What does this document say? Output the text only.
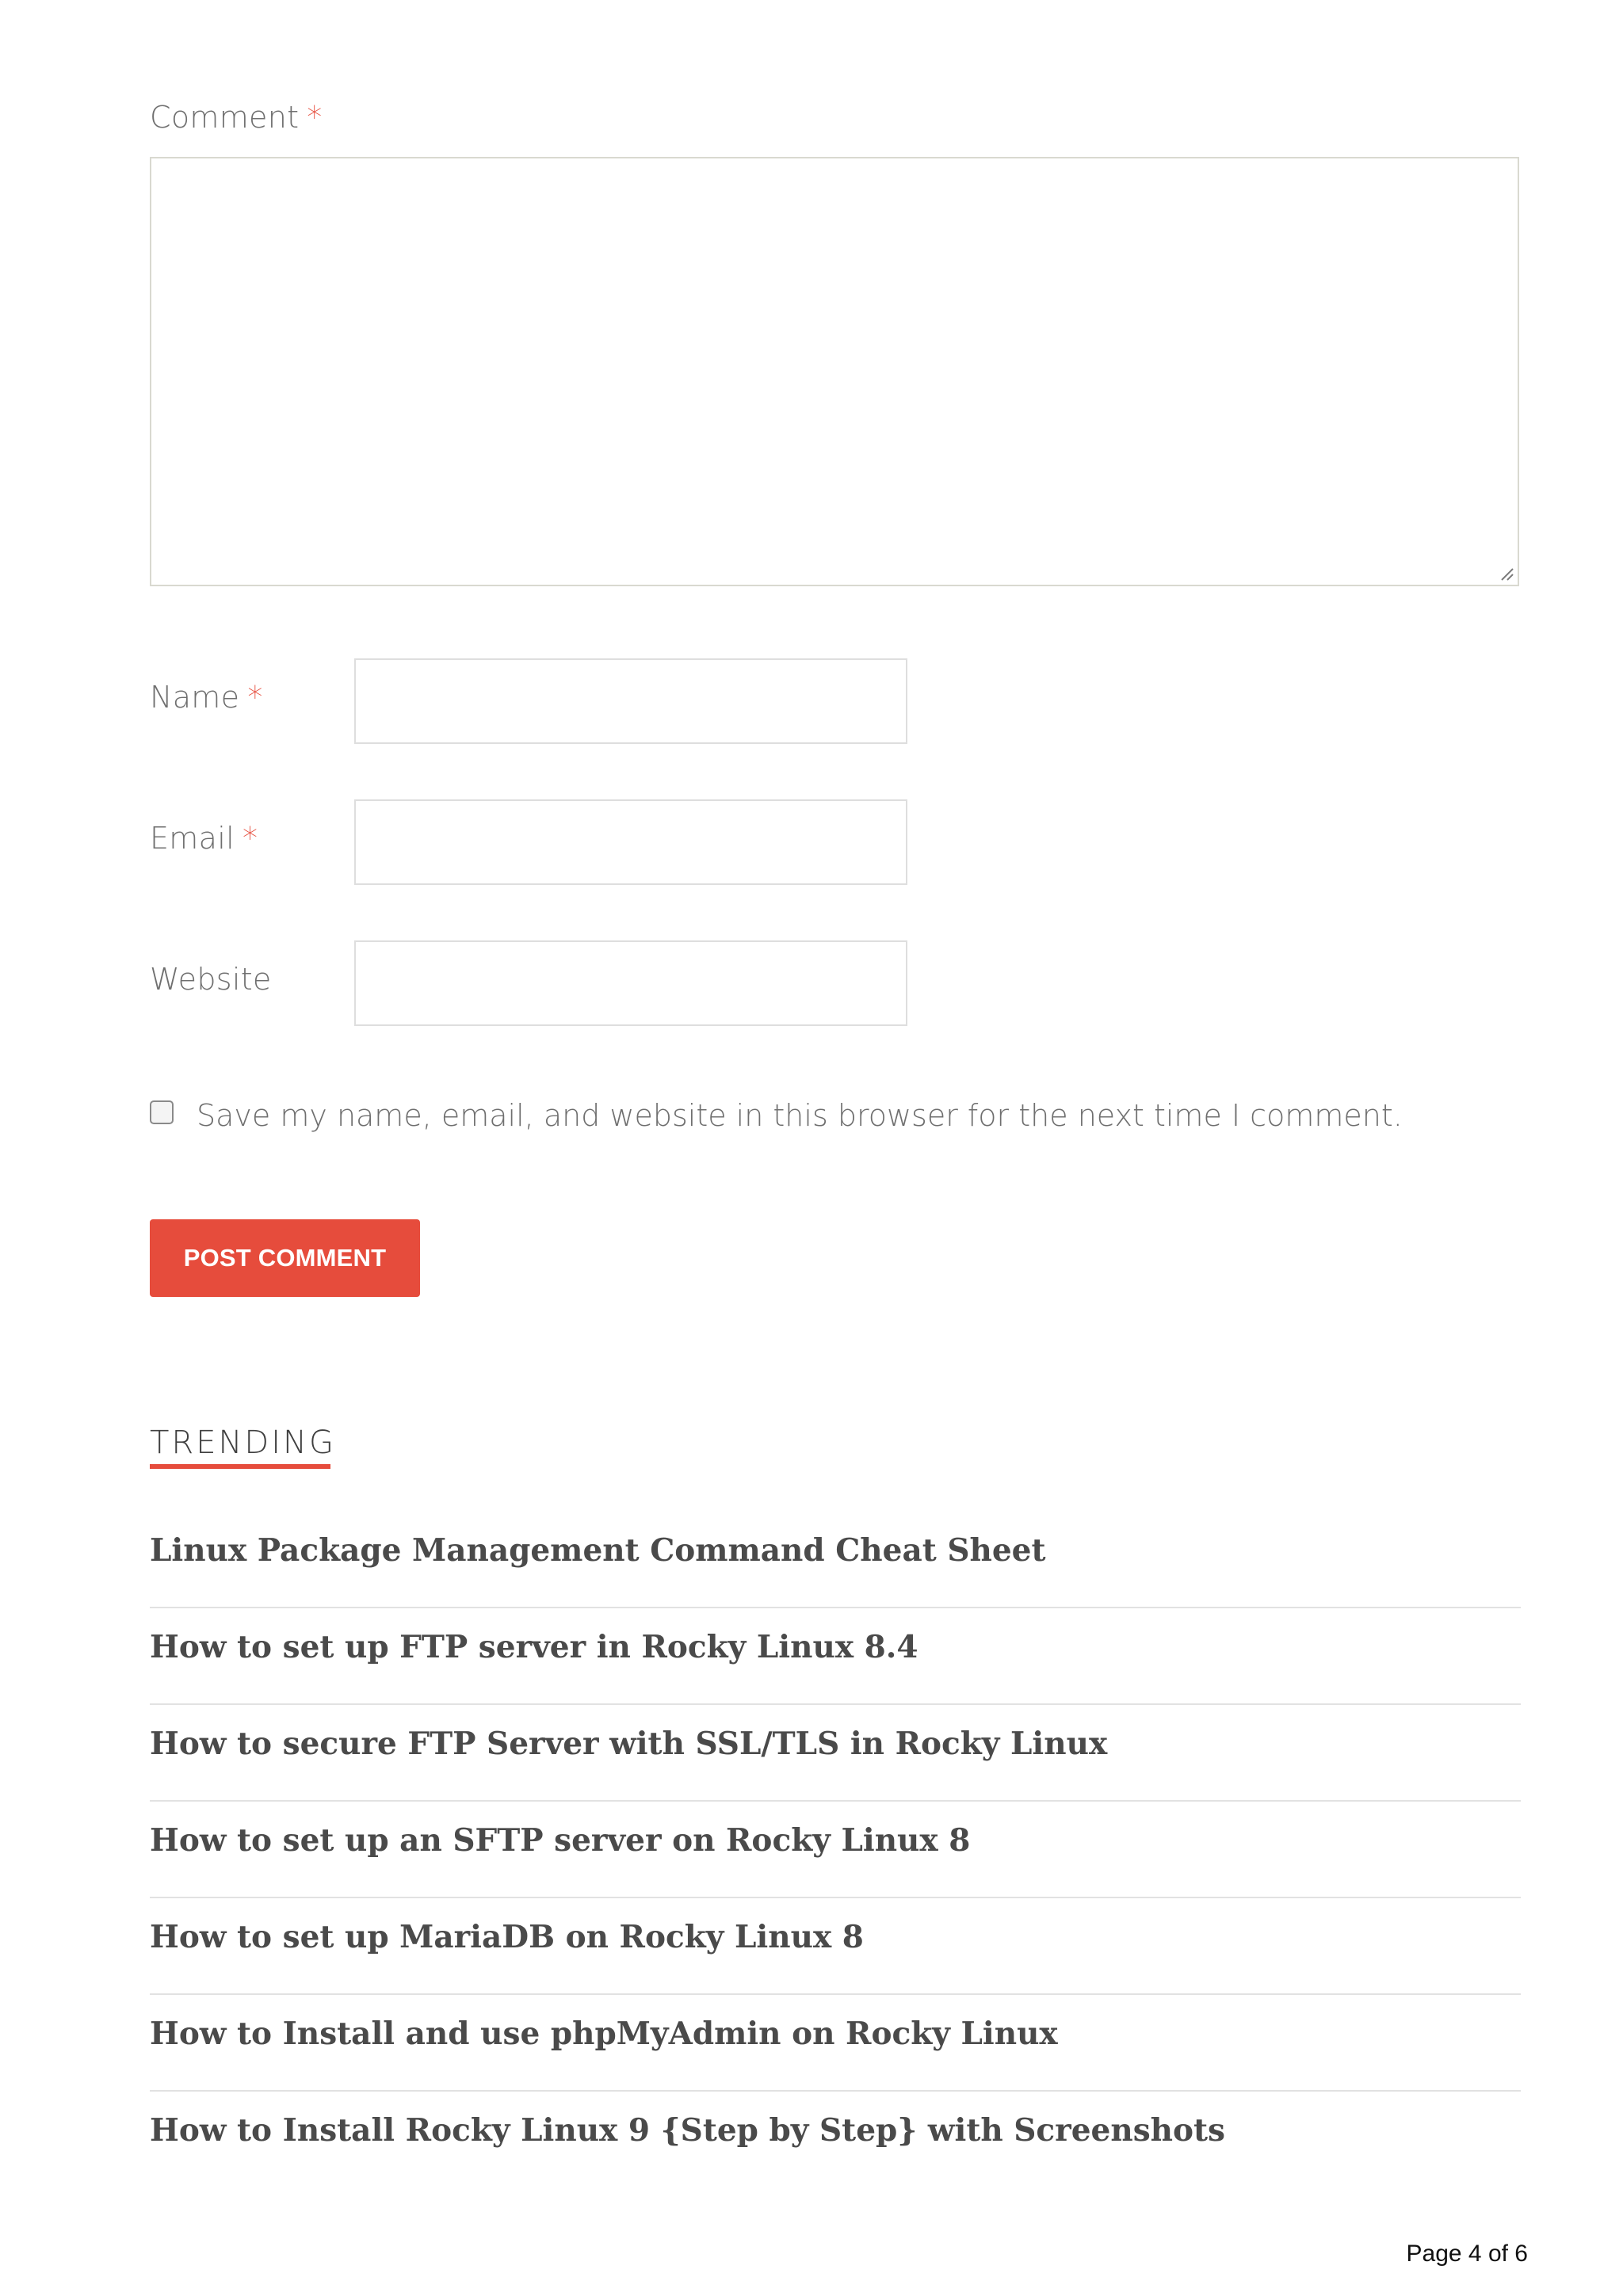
Comment *
Name *
Email *
Website
Save my name, email, and website in this browser for the next time I comment.
POST COMMENT
TRENDING
Linux Package Management Command Cheat Sheet
How to set up FTP server in Rocky Linux 8.4
How to secure FTP Server with SSL/TLS in Rocky Linux
How to set up an SFTP server on Rocky Linux 8
How to set up MariaDB on Rocky Linux 8
How to Install and use phpMyAdmin on Rocky Linux
How to Install Rocky Linux 9 {Step by Step} with Screenshots
Page 4 of 6
